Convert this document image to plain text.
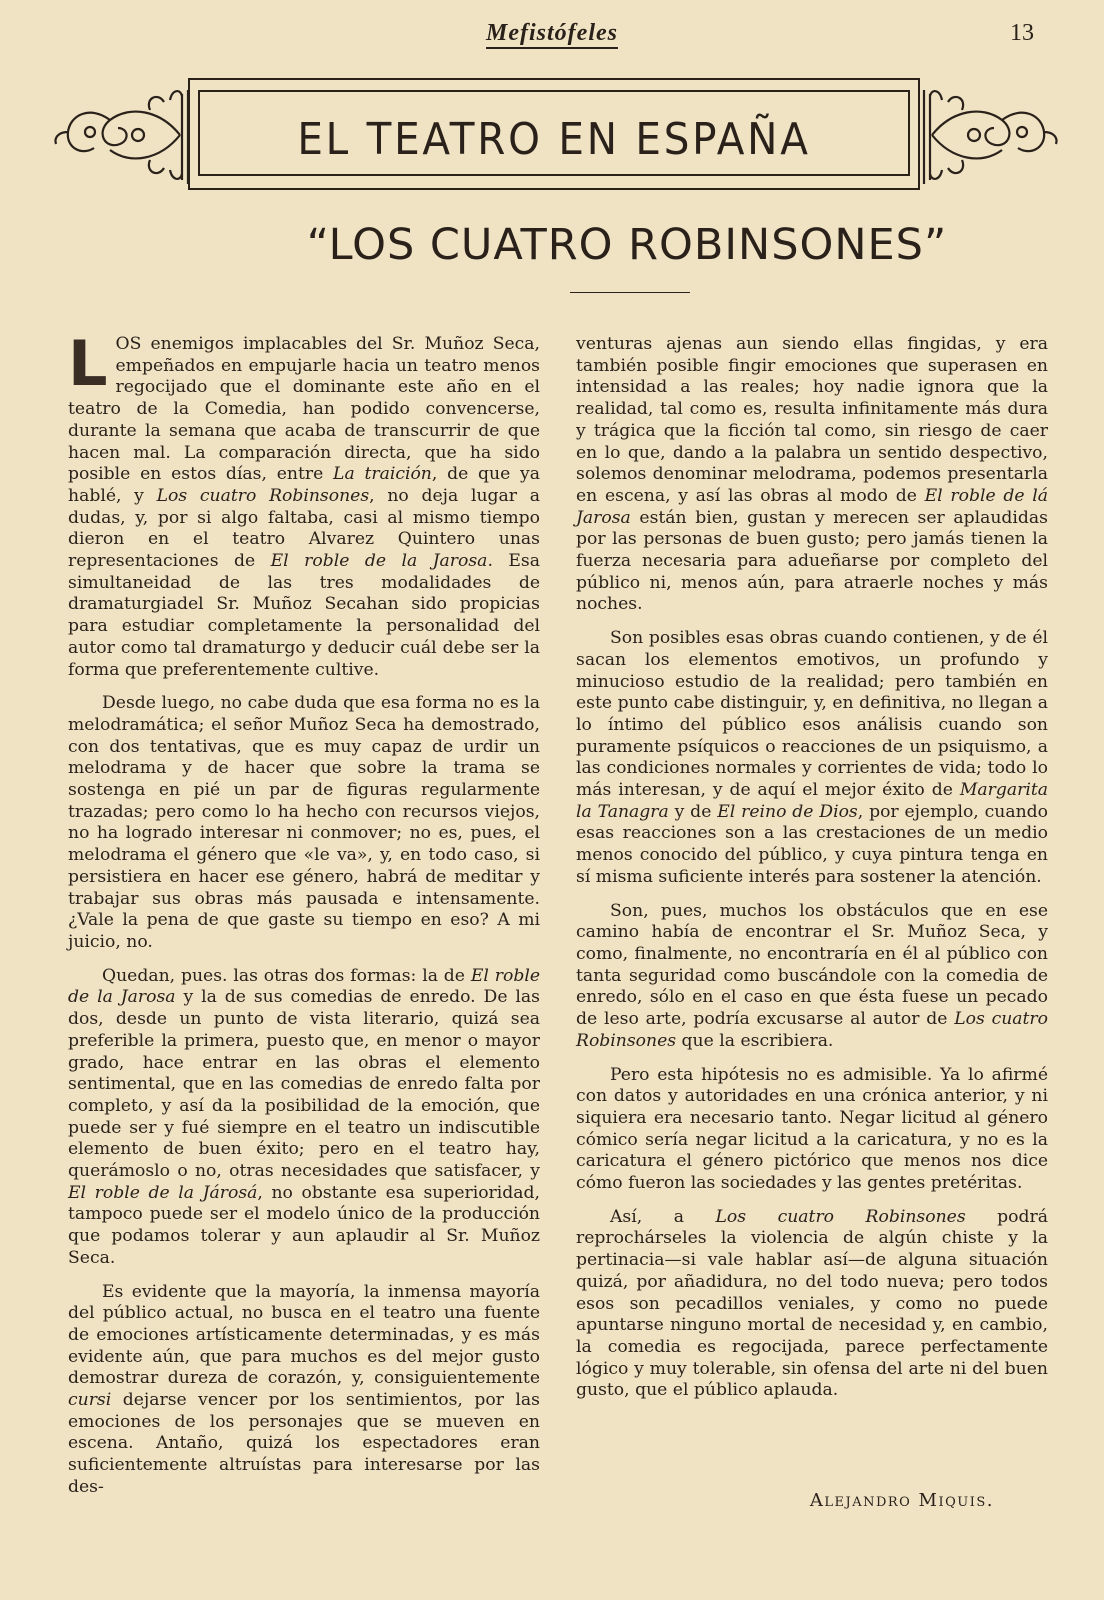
Mefistófeles	13
EL TEATRO EN ESPAÑA
“LOS CUATRO ROBINSONES”

L OS enemigos implacables del Sr. Muñoz Seca, empeñados en empujarle hacia un teatro menos regocijado que el dominante este año en el teatro de la Comedia, han podido convencerse, durante la semana que acaba de transcurrir de que hacen mal. La comparación directa, que ha sido posible en estos días, entre La traición, de que ya hablé, y Los cuatro Robinsones, no deja lugar a dudas, y, por si algo faltaba, casi al mismo tiempo dieron en el teatro Alvarez Quintero unas representaciones de El roble de la Jarosa. Esa simultaneidad de las tres modalidades de dramaturgiadel Sr. Muñoz Secahan sido propicias para estudiar completamente la personalidad del autor como tal dramaturgo y deducir cuál debe ser la forma que preferentemente cultive.

Desde luego, no cabe duda que esa forma no es la melodramática; el señor Muñoz Seca ha demostrado, con dos tentativas, que es muy capaz de urdir un melodrama y de hacer que sobre la trama se sostenga en pié un par de figuras regularmente trazadas; pero como lo ha hecho con recursos viejos, no ha logrado interesar ni conmover; no es, pues, el melodrama el género que «le va», y, en todo caso, si persistiera en hacer ese género, habrá de meditar y trabajar sus obras más pausada e intensamente. ¿Vale la pena de que gaste su tiempo en eso? A mi juicio, no.

Quedan, pues. las otras dos formas: la de El roble de la Jarosa y la de sus comedias de enredo. De las dos, desde un punto de vista literario, quizá sea preferible la primera, puesto que, en menor o mayor grado, hace entrar en las obras el elemento sentimental, que en las comedias de enredo falta por completo, y así da la posibilidad de la emoción, que puede ser y fué siempre en el teatro un indiscutible elemento de buen éxito; pero en el teatro hay, querámoslo o no, otras necesidades que satisfacer, y El roble de la Járosá, no obstante esa superioridad, tampoco puede ser el modelo único de la producción que podamos tolerar y aun aplaudir al Sr. Muñoz Seca.

Es evidente que la mayoría, la inmensa mayoría del público actual, no busca en el teatro una fuente de emociones artísticamente determinadas, y es más evidente aún, que para muchos es del mejor gusto demostrar dureza de corazón, y, consiguientemente cursi dejarse vencer por los sentimientos, por las emociones de los personajes que se mueven en escena. Antaño, quizá los espectadores eran suficientemente altruístas para interesarse por las des-

venturas ajenas aun siendo ellas fingidas, y era también posible fingir emociones que superasen en intensidad a las reales; hoy nadie ignora que la realidad, tal como es, resulta infinitamente más dura y trágica que la ficción tal como, sin riesgo de caer en lo que, dando a la palabra un sentido despectivo, solemos denominar melodrama, podemos presentarla en escena, y así las obras al modo de El roble de lá Jarosa están bien, gustan y merecen ser aplaudidas por las personas de buen gusto; pero jamás tienen la fuerza necesaria para adueñarse por completo del público ni, menos aún, para atraerle noches y más noches.

Son posibles esas obras cuando contienen, y de él sacan los elementos emotivos, un profundo y minucioso estudio de la realidad; pero también en este punto cabe distinguir, y, en definitiva, no llegan a lo íntimo del público esos análisis cuando son puramente psíquicos o reacciones de un psiquismo, a las condiciones normales y corrientes de vida; todo lo más interesan, y de aquí el mejor éxito de Margarita la Tanagra y de El reino de Dios, por ejemplo, cuando esas reacciones son a las crestaciones de un medio menos conocido del público, y cuya pintura tenga en sí misma suficiente interés para sostener la atención.

Son, pues, muchos los obstáculos que en ese camino había de encontrar el Sr. Muñoz Seca, y como, finalmente, no encontraría en él al público con tanta seguridad como buscándole con la comedia de enredo, sólo en el caso en que ésta fuese un pecado de leso arte, podría excusarse al autor de Los cuatro Robinsones que la escribiera.

Pero esta hipótesis no es admisible. Ya lo afirmé con datos y autoridades en una crónica anterior, y ni siquiera era necesario tanto. Negar licitud al género cómico sería negar licitud a la caricatura, y no es la caricatura el género pictórico que menos nos dice cómo fueron las sociedades y las gentes pretéritas.

Así, a Los cuatro Robinsones podrá reprochárseles la violencia de algún chiste y la pertinacia—si vale hablar así—de alguna situación quizá, por añadidura, no del todo nueva; pero todos esos son pecadillos veniales, y como no puede apuntarse ninguno mortal de necesidad y, en cambio, la comedia es regocijada, parece perfectamente lógico y muy tolerable, sin ofensa del arte ni del buen gusto, que el público aplauda.

Alejandro Miquis.
